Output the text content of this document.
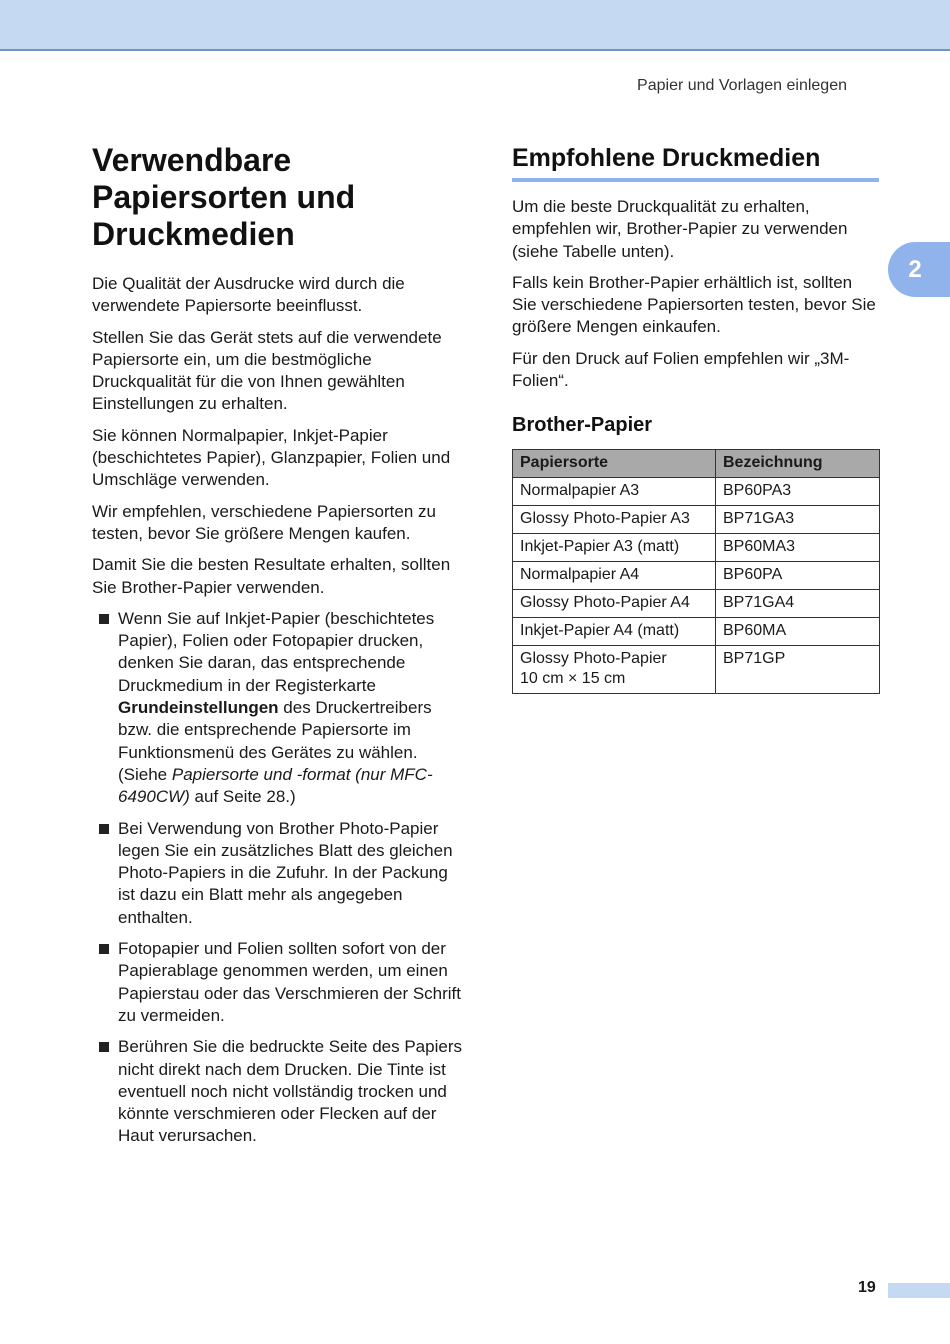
Papier und Vorlagen einlegen
2
Verwendbare Papiersorten und Druckmedien

Die Qualität der Ausdrucke wird durch die verwendete Papiersorte beeinflusst.

Stellen Sie das Gerät stets auf die verwendete Papiersorte ein, um die bestmögliche Druckqualität für die von Ihnen gewählten Einstellungen zu erhalten.

Sie können Normalpapier, Inkjet-Papier (beschichtetes Papier), Glanzpapier, Folien und Umschläge verwenden.

Wir empfehlen, verschiedene Papiersorten zu testen, bevor Sie größere Mengen kaufen.

Damit Sie die besten Resultate erhalten, sollten Sie Brother-Papier verwenden.

Wenn Sie auf Inkjet-Papier (beschichtetes Papier), Folien oder Fotopapier drucken, denken Sie daran, das entsprechende Druckmedium in der Registerkarte Grundeinstellungen des Druckertreibers bzw. die entsprechende Papiersorte im Funktionsmenü des Gerätes zu wählen. (Siehe Papiersorte und -format (nur MFC-6490CW) auf Seite 28.)
Bei Verwendung von Brother Photo-Papier legen Sie ein zusätzliches Blatt des gleichen Photo-Papiers in die Zufuhr. In der Packung ist dazu ein Blatt mehr als angegeben enthalten.
Fotopapier und Folien sollten sofort von der Papierablage genommen werden, um einen Papierstau oder das Verschmieren der Schrift zu vermeiden.
Berühren Sie die bedruckte Seite des Papiers nicht direkt nach dem Drucken. Die Tinte ist eventuell noch nicht vollständig trocken und könnte verschmieren oder Flecken auf der Haut verursachen.
Empfohlene Druckmedien

Um die beste Druckqualität zu erhalten, empfehlen wir, Brother-Papier zu verwenden (siehe Tabelle unten).

Falls kein Brother-Papier erhältlich ist, sollten Sie verschiedene Papiersorten testen, bevor Sie größere Mengen einkaufen.

Für den Druck auf Folien empfehlen wir „3M-Folien“.

Brother-Papier
Papiersorte	Bezeichnung
Normalpapier A3	BP60PA3
Glossy Photo-Papier A3	BP71GA3
Inkjet-Papier A3 (matt)	BP60MA3
Normalpapier A4	BP60PA
Glossy Photo-Papier A4	BP71GA4
Inkjet-Papier A4 (matt)	BP60MA
Glossy Photo-Papier
10 cm × 15 cm	BP71GP
19
